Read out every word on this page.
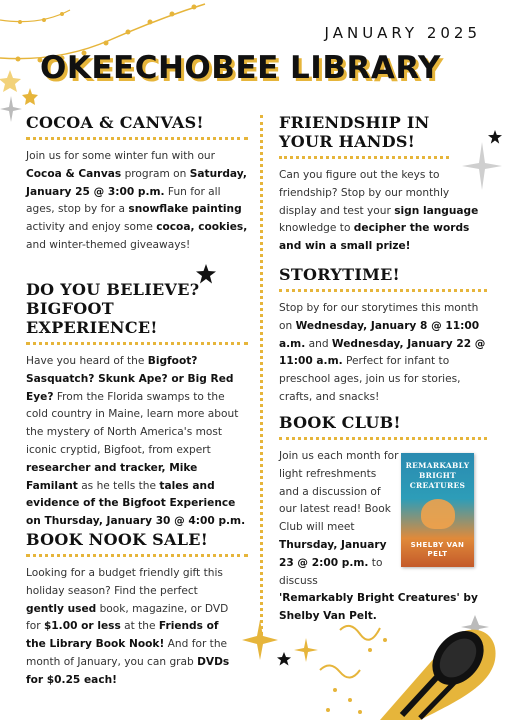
JANUARY 2025
OKEECHOBEE LIBRARY
COCOA & CANVAS!

Join us for some winter fun with our Cocoa & Canvas program on Saturday, January 25 @ 3:00 p.m. Fun for all ages, stop by for a snowflake painting activity and enjoy some cocoa, cookies, and winter-themed giveaways!

DO YOU BELIEVE? BIGFOOT EXPERIENCE!

Have you heard of the Bigfoot? Sasquatch? Skunk Ape? or Big Red Eye? From the Florida swamps to the cold country in Maine, learn more about the mystery of North America's most iconic cryptid, Bigfoot, from expert researcher and tracker, Mike Familant as he tells the tales and evidence of the Bigfoot Experience on Thursday, January 30 @ 4:00 p.m.

BOOK NOOK SALE!

Looking for a budget friendly gift this holiday season? Find the perfect gently used book, magazine, or DVD for $1.00 or less at the Friends of the Library Book Nook! And for the month of January, you can grab DVDs for $0.25 each!

FRIENDSHIP IN YOUR HANDS!

Can you figure out the keys to friendship? Stop by our monthly display and test your sign language knowledge to decipher the words and win a small prize!

STORYTIME!

Stop by for our storytimes this month on Wednesday, January 8 @ 11:00 a.m. and Wednesday, January 22 @ 11:00 a.m. Perfect for infant to preschool ages, join us for stories, crafts, and snacks!

BOOK CLUB!

Join us each month for light refreshments and a discussion of our latest read! Book Club will meet Thursday, January 23 @ 2:00 p.m. to discuss
'Remarkably Bright Creatures' by Shelby Van Pelt.

REMARKABLY BRIGHT CREATURES
SHELBY VAN PELT
